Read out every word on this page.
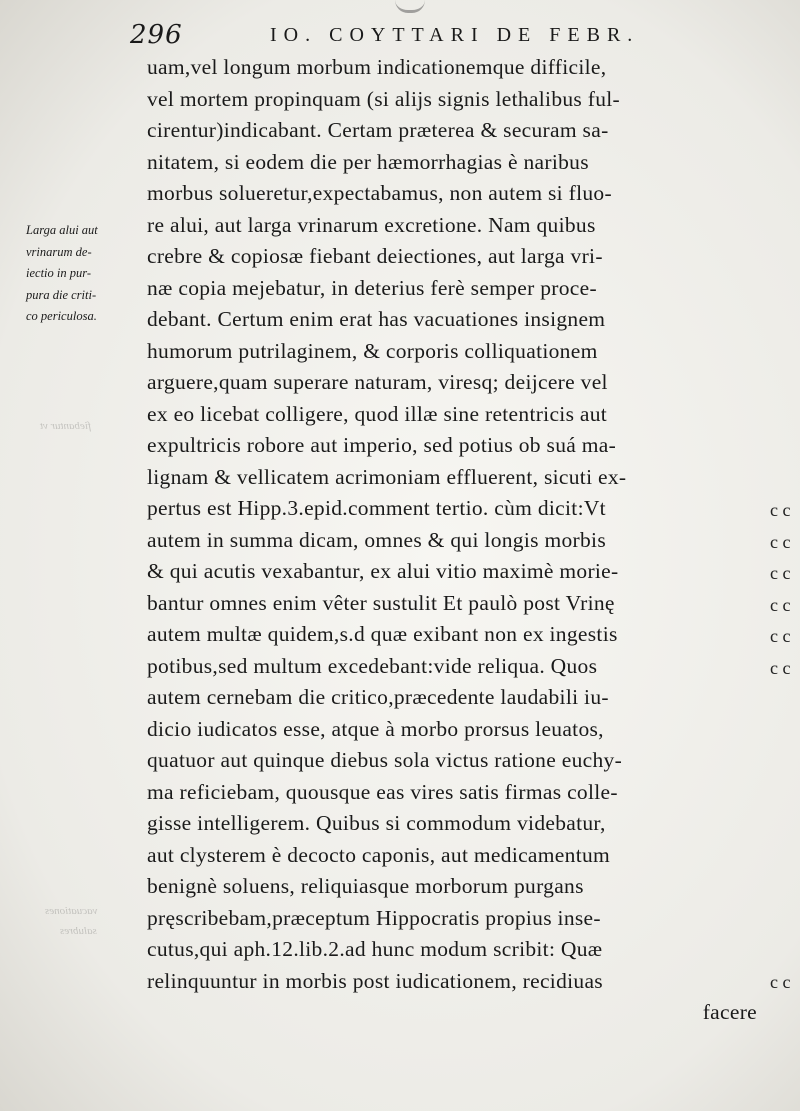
296	IO. COYTTARI DE FEBR.
Larga alui aut
vrinarum de-
iectio in pur-
pura die criti-
co periculosa.
fiebantur vt
vacuationes
salubres
uam,vel longum morbum indicationemque difficile,
vel mortem propinquam (si alijs signis lethalibus ful-
cirentur)indicabant. Certam præterea & securam sa-
nitatem, si eodem die per hæmorrhagias è naribus
morbus solueretur,expectabamus, non autem si fluo-
re alui, aut larga vrinarum excretione. Nam quibus
crebre & copiosæ fiebant deiectiones, aut larga vri-
næ copia mejebatur, in deterius ferè semper proce-
debant. Certum enim erat has vacuationes insignem
humorum putrilaginem, & corporis colliquationem
arguere,quam superare naturam, viresq; deijcere vel
ex eo licebat colligere, quod illæ sine retentricis aut
expultricis robore aut imperio, sed potius ob suá ma-
lignam & vellicatem acrimoniam effluerent, sicuti ex-
pertus est Hipp.3.epid.comment tertio. cùm dicit:Vt
autem in summa dicam, omnes & qui longis morbis
& qui acutis vexabantur, ex alui vitio maximè morie-
bantur omnes enim vêter sustulit Et paulò post Vrinę
autem multæ quidem,s.d quæ exibant non ex ingestis
potibus,sed multum excedebant:vide reliqua. Quos
autem cernebam die critico,præcedente laudabili iu-
dicio iudicatos esse, atque à morbo prorsus leuatos,
quatuor aut quinque diebus sola victus ratione euchy-
ma reficiebam, quousque eas vires satis firmas colle-
gisse intelligerem. Quibus si commodum videbatur,
aut clysterem è decocto caponis, aut medicamentum
benignè soluens, reliquiasque morborum purgans
pręscribebam,præceptum Hippocratis propius inse-
cutus,qui aph.12.lib.2.ad hunc modum scribit: Quæ
relinquuntur in morbis post iudicationem, recidiuas
facere
c c
c c
c c
c c
c c
c c
c c
